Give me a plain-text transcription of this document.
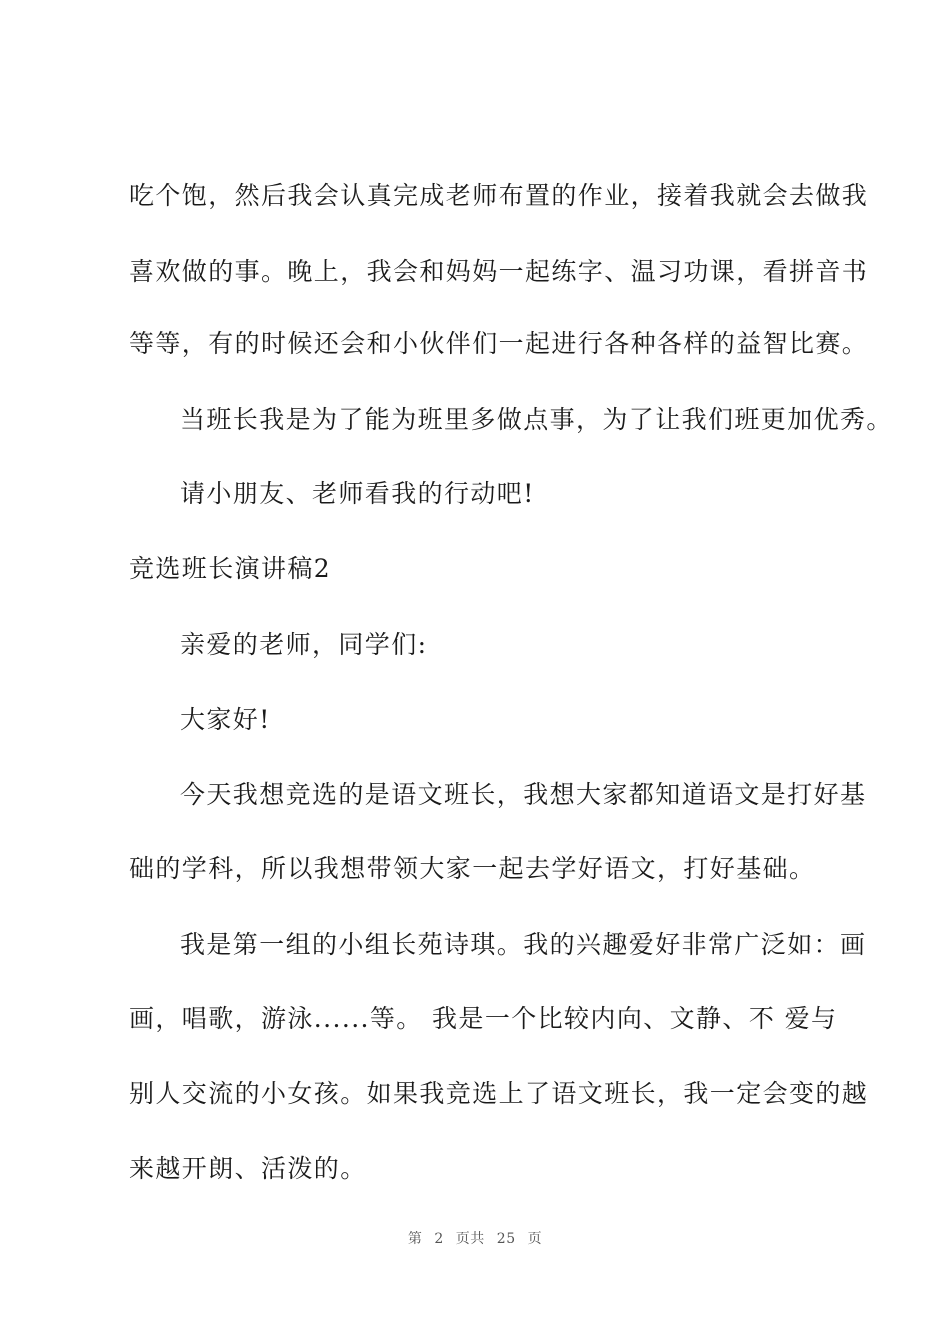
吃个饱，然后我会认真完成老师布置的作业，接着我就会去做我
喜欢做的事。晚上，我会和妈妈一起练字、温习功课，看拼音书
等等，有的时候还会和小伙伴们一起进行各种各样的益智比赛。
当班长我是为了能为班里多做点事，为了让我们班更加优秀。
请小朋友、老师看我的行动吧!
竞选班长演讲稿2
亲爱的老师，同学们:
大家好!
今天我想竞选的是语文班长，我想大家都知道语文是打好基
础的学科，所以我想带领大家一起去学好语文，打好基础。
我是第一组的小组长苑诗琪。我的兴趣爱好非常广泛如：画
画，唱歌，游泳......等。 我是一个比较内向、文静、不 爱与
别人交流的小女孩。如果我竞选上了语文班长，我一定会变的越
来越开朗、活泼的。
第 2 页共 25 页
